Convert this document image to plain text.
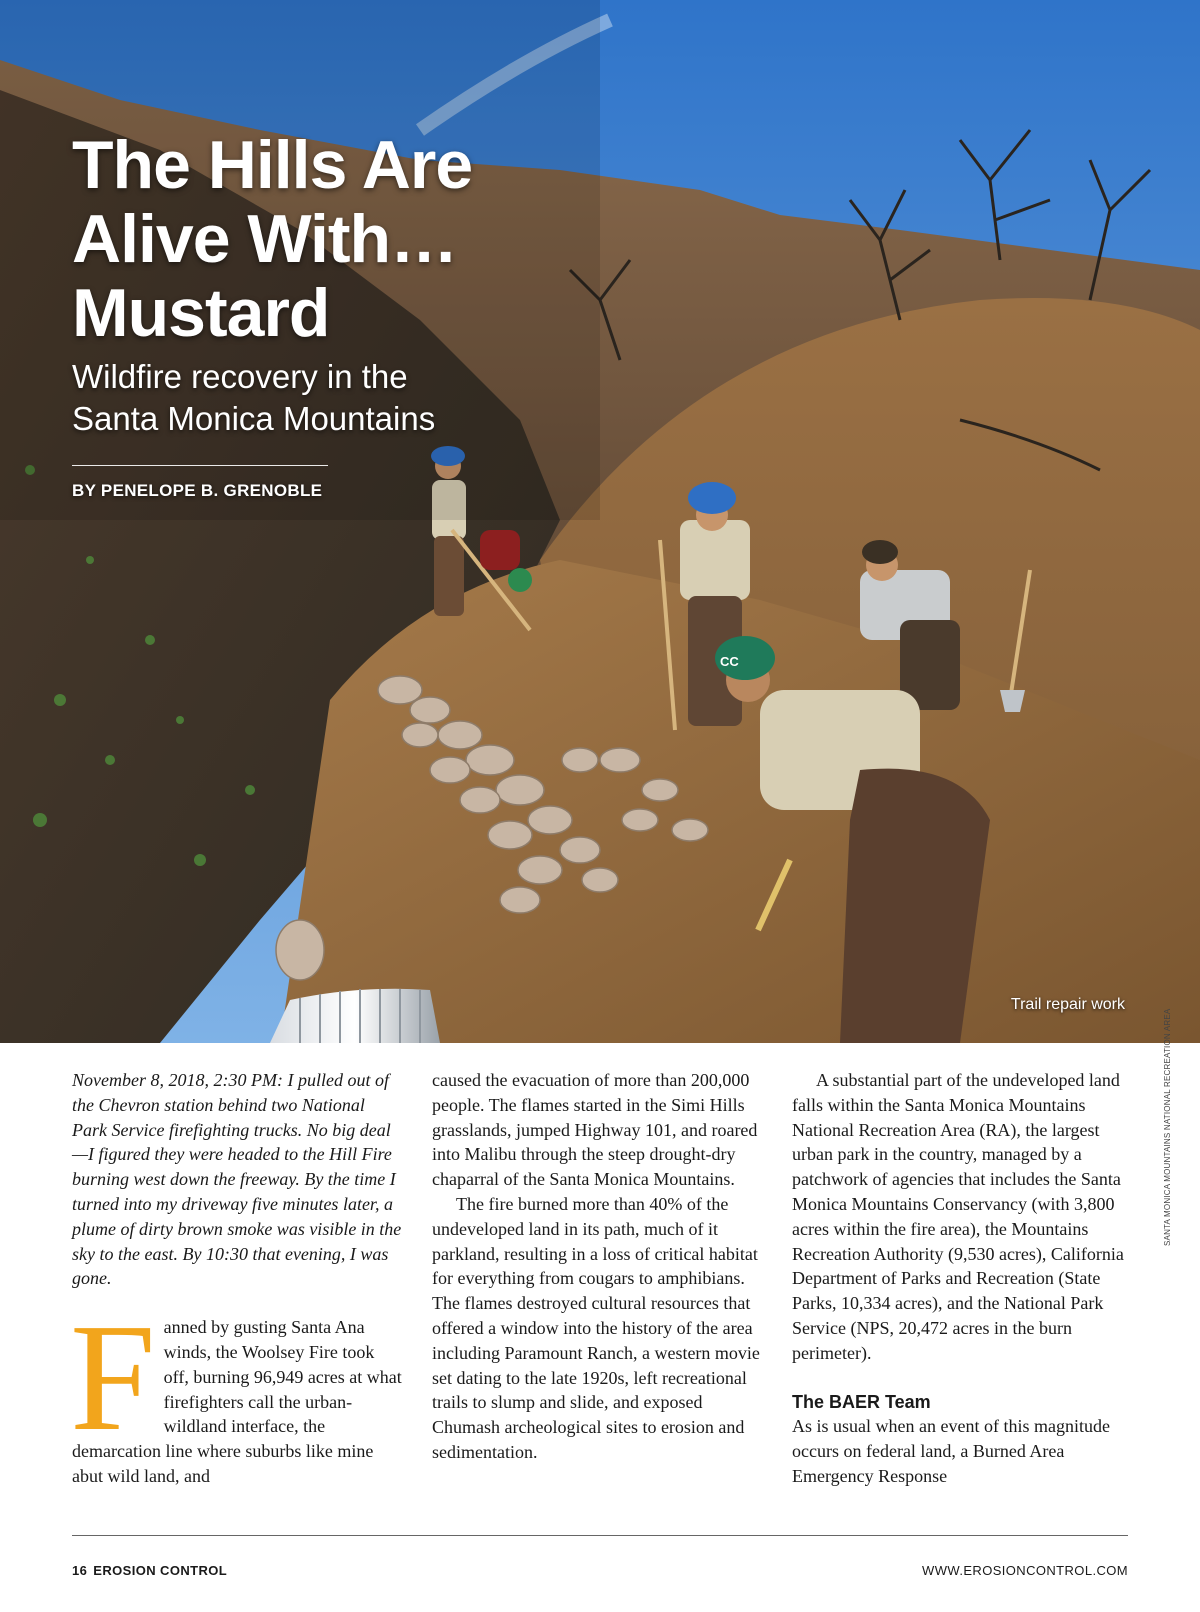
CC
The Hills Are
Alive With…
Mustard
Wildfire recovery in the
Santa Monica Mountains
BY PENELOPE B. GRENOBLE
Trail repair work
SANTA MONICA MOUNTAINS NATIONAL RECREATION AREA

November 8, 2018, 2:30 PM: I pulled out of the Chevron station behind two National Park Service firefighting trucks. No big deal—I figured they were headed to the Hill Fire burning west down the freeway. By the time I turned into my driveway five minutes later, a plume of dirty brown smoke was visible in the sky to the east. By 10:30 that evening, I was gone.

Fanned by gusting Santa Ana winds, the Woolsey Fire took off, burning 96,949 acres at what firefighters call the urban-wildland interface, the demarcation line where suburbs like mine abut wild land, and

caused the evacuation of more than 200,000 people. The flames started in the Simi Hills grasslands, jumped Highway 101, and roared into Malibu through the steep drought-dry chaparral of the Santa Monica Mountains.

The fire burned more than 40% of the undeveloped land in its path, much of it parkland, resulting in a loss of critical habitat for everything from cougars to amphibians. The flames destroyed cultural resources that offered a window into the history of the area including Paramount Ranch, a western movie set dating to the late 1920s, left recreational trails to slump and slide, and exposed Chumash archeological sites to erosion and sedimentation.

A substantial part of the undeveloped land falls within the Santa Monica Mountains National Recreation Area (RA), the largest urban park in the country, managed by a patchwork of agencies that includes the Santa Monica Mountains Conservancy (with 3,800 acres within the fire area), the Mountains Recreation Authority (9,530 acres), California Department of Parks and Recreation (State Parks, 10,334 acres), and the National Park Service (NPS, 20,472 acres in the burn perimeter).

The BAER Team

As is usual when an event of this magnitude occurs on federal land, a Burned Area Emergency Response

16 EROSION CONTROL	WWW.EROSIONCONTROL.COM
